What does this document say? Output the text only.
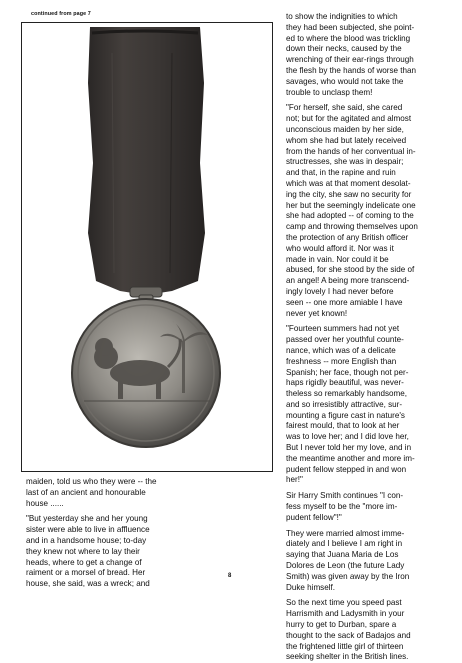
continued from page 7

maiden, told us who they were -- the
last of an ancient and honourable
house ......

"But yesterday she and her young
sister were able to live in affluence
and in a handsome house; to-day
they knew not where to lay their
heads, where to get a change of
raiment or a morsel of bread. Her
house, she said, was a wreck; and

to show the indignities to which
they had been subjected, she point-
ed to where the blood was trickling
down their necks, caused by the
wrenching of their ear-rings through
the flesh by the hands of worse than
savages, who would not take the
trouble to unclasp them!

"For herself, she said, she cared
not; but for the agitated and almost
unconscious maiden by her side,
whom she had but lately received
from the hands of her conventual in-
structresses, she was in despair;
and that, in the rapine and ruin
which was at that moment desolat-
ing the city, she saw no security for
her but the seemingly indelicate one
she had adopted -- of coming to the
camp and throwing themselves upon
the protection of any British officer
who would afford it. Nor was it
made in vain. Nor could it be
abused, for she stood by the side of
an angel! A being more transcend-
ingly lovely I had never before
seen -- one more amiable I have
never yet known!

"Fourteen summers had not yet
passed over her youthful counte-
nance, which was of a delicate
freshness -- more English than
Spanish; her face, though not per-
haps rigidly beautiful, was never-
theless so remarkably handsome,
and so irresistibly attractive, sur-
mounting a figure cast in nature's
fairest mould, that to look at her
was to love her; and I did love her,
But I never told her my love, and in
the meantime another and more im-
pudent fellow stepped in and won
her!"

Sir Harry Smith continues "I con-
fess myself to be the "more im-
pudent fellow"!"

They were married almost imme-
diately and I believe I am right in
saying that Juana Maria de Los
Dolores de Leon (the future Lady
Smith) was given away by the Iron
Duke himself.

So the next time you speed past
Harrismith and Ladysmith in your
hurry to get to Durban, spare a
thought to the sack of Badajos and
the frightened little girl of thirteen
seeking shelter in the British lines.

8
